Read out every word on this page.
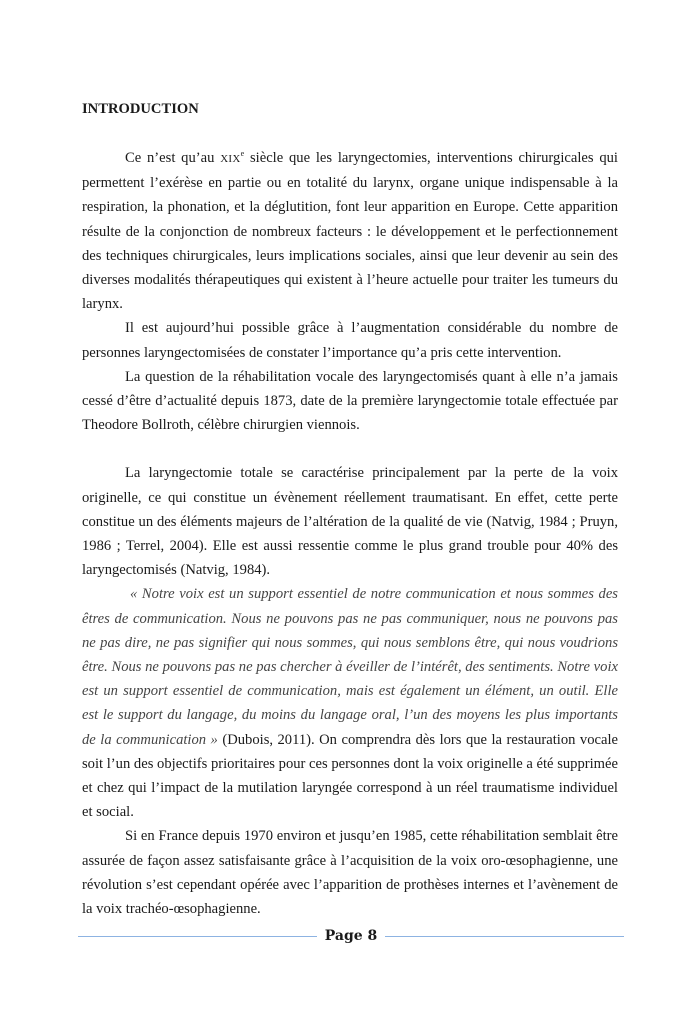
INTRODUCTION

Ce n’est qu’au XIXe siècle que les laryngectomies, interventions chirurgicales qui permettent l’exérèse en partie ou en totalité du larynx, organe unique indispensable à la respiration, la phonation, et la déglutition, font leur apparition en Europe. Cette apparition résulte de la conjonction de nombreux facteurs : le développement et le perfectionnement des techniques chirurgicales, leurs implications sociales, ainsi que leur devenir au sein des diverses modalités thérapeutiques qui existent à l’heure actuelle pour traiter les tumeurs du larynx.

Il est aujourd’hui possible grâce à l’augmentation considérable du nombre de personnes laryngectomisées de constater l’importance qu’a pris cette intervention.

La question de la réhabilitation vocale des laryngectomisés quant à elle n’a jamais cessé d’être d’actualité depuis 1873, date de la première laryngectomie totale effectuée par Theodore Bollroth, célèbre chirurgien viennois.

La laryngectomie totale se caractérise principalement par la perte de la voix originelle, ce qui constitue un évènement réellement traumatisant. En effet, cette perte constitue un des éléments majeurs de l’altération de la qualité de vie (Natvig, 1984 ; Pruyn, 1986 ; Terrel, 2004). Elle est aussi ressentie comme le plus grand trouble pour 40% des laryngectomisés (Natvig, 1984).

« Notre voix est un support essentiel de notre communication et nous sommes des êtres de communication. Nous ne pouvons pas ne pas communiquer, nous ne pouvons pas ne pas dire, ne pas signifier qui nous sommes, qui nous semblons être, qui nous voudrions être. Nous ne pouvons pas ne pas chercher à éveiller de l’intérêt, des sentiments. Notre voix est un support essentiel de communication, mais est également un élément, un outil. Elle est le support du langage, du moins du langage oral, l’un des moyens les plus importants de la communication » (Dubois, 2011). On comprendra dès lors que la restauration vocale soit l’un des objectifs prioritaires pour ces personnes dont la voix originelle a été supprimée et chez qui l’impact de la mutilation laryngée correspond à un réel traumatisme individuel et social.

Si en France depuis 1970 environ et jusqu’en 1985, cette réhabilitation semblait être assurée de façon assez satisfaisante grâce à l’acquisition de la voix oro-œsophagienne, une révolution s’est cependant opérée avec l’apparition de prothèses internes et l’avènement de la voix trachéo-œsophagienne.

Page 8
